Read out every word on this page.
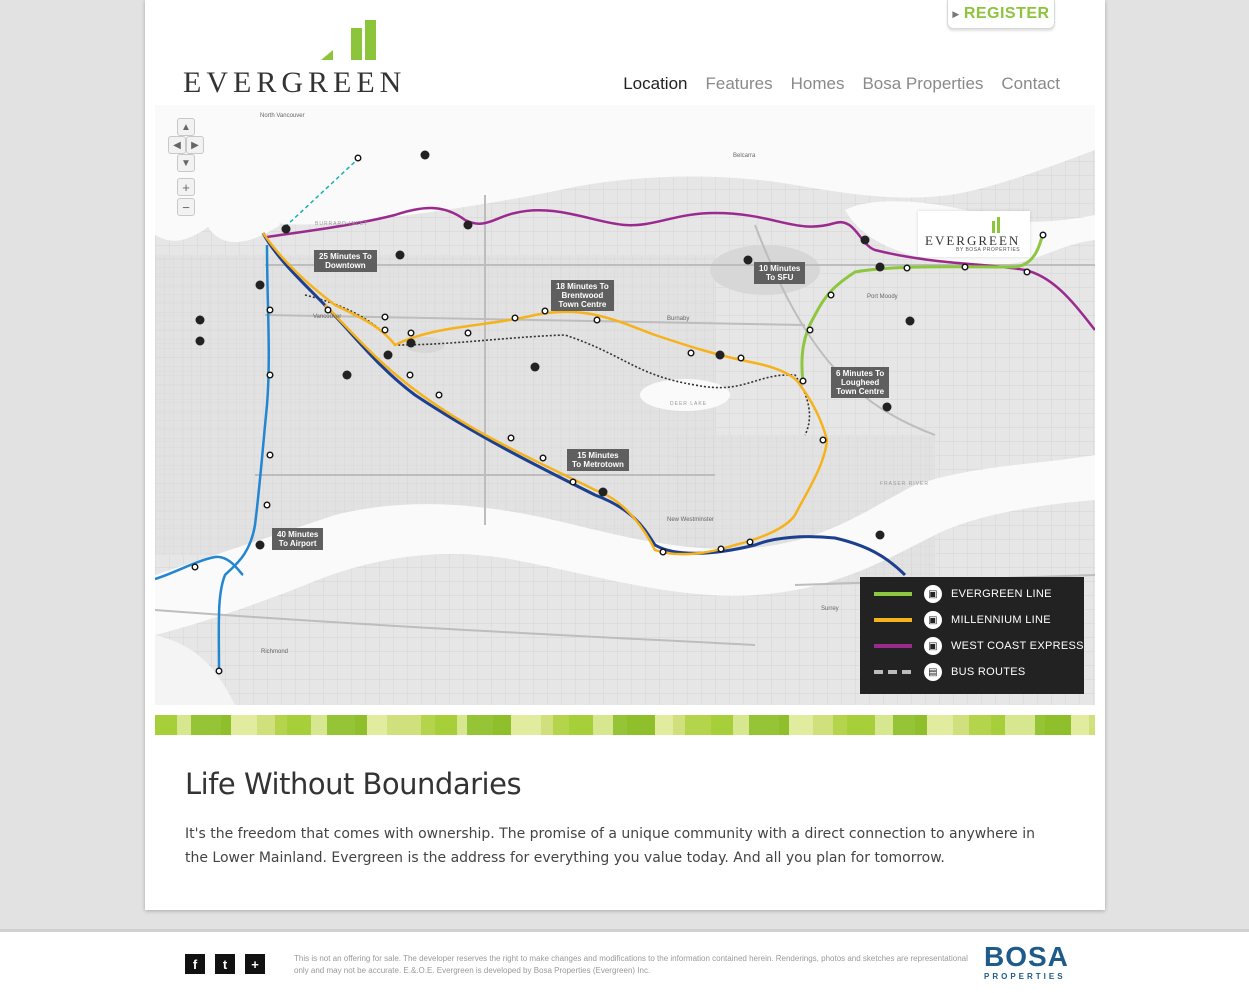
▶ REGISTER
EVERGREEN	Location Features Homes Bosa Properties Contact
North Vancouver
Belcarra
Port Moody
Burnaby
New Westminster
Surrey
Richmond
Vancouver
BURRARD INLET
FRASER RIVER
DEER LAKE
▲
◀	▶
▼
+
−
25 Minutes To
Downtown
18 Minutes To
Brentwood
Town Centre
10 Minutes
To SFU
6 Minutes To
Lougheed
Town Centre
15 Minutes
To Metrotown
40 Minutes
To Airport
EVERGREEN
BY BOSA PROPERTIES
▣	EVERGREEN LINE
▣	MILLENNIUM LINE
▣	WEST COAST EXPRESS
▤	BUS ROUTES
Life Without Boundaries

It's the freedom that comes with ownership. The promise of a unique community with a direct connection to anywhere in the Lower Mainland. Evergreen is the address for everything you value today. And all you plan for tomorrow.

f	t	+	This is not an offering for sale. The developer reserves the right to make changes and modifications to the information contained herein. Renderings, photos and sketches are representational only and may not be accurate. E.&.O.E. Evergreen is developed by Bosa Properties (Evergreen) Inc.	BOSA
PROPERTIES
